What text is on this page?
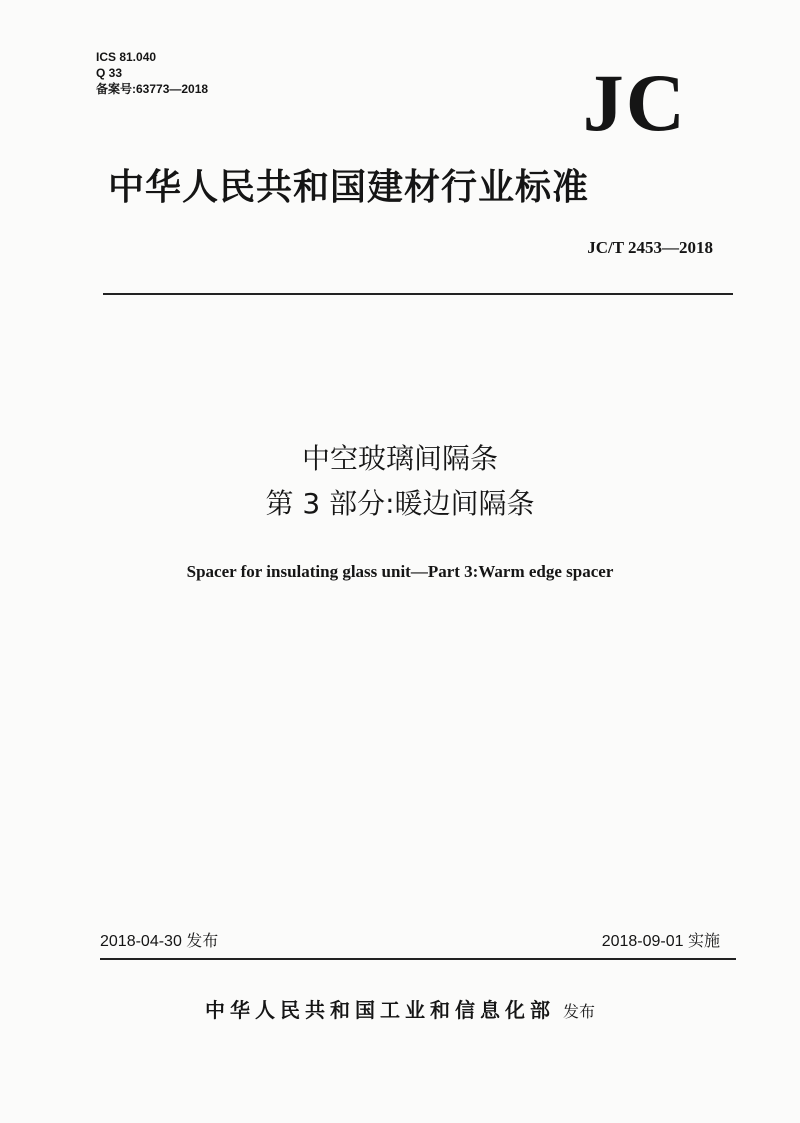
ICS 81.040
Q 33
备案号:63773—2018	JC
中华人民共和国建材行业标准
JC/T 2453—2018
中空玻璃间隔条
第 3 部分:暖边间隔条
Spacer for insulating glass unit—Part 3:Warm edge spacer
2018-04-30 发布	2018-09-01 实施
中华人民共和国工业和信息化部 发布
